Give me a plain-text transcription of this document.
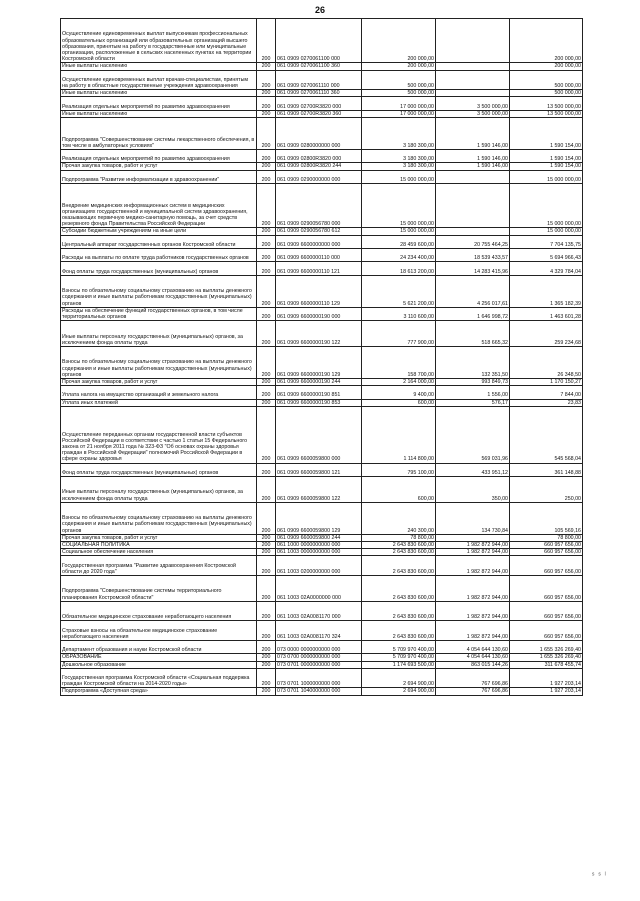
26
Осуществление единовременных выплат выпускникам профессиональных образовательных организаций или образовательных организаций высшего образования, принятым на работу в государственные или муниципальные организации, расположенные в сельских населенных пунктах на территории Костромской области	200	061 0909 0270061100 000	200 000,00		200 000,00
Иные выплаты населению	200	061 0909 0270061100 360	200 000,00		200 000,00
Осуществление единовременных выплат врачам-специалистам, принятым на работу в областные государственные учреждения здравоохранения	200	061 0909 0270061110 000	500 000,00		500 000,00
Иные выплаты населению	200	061 0909 0270061110 360	500 000,00		500 000,00
Реализация отдельных мероприятий по развитию здравоохранения	200	061 0909 02700R3820 000	17 000 000,00	3 500 000,00	13 500 000,00
Иные выплаты населению	200	061 0909 02700R3820 360	17 000 000,00	3 500 000,00	13 500 000,00
Подпрограмма "Совершенствование системы лекарственного обеспечения, в том числе в амбулаторных условиях"	200	061 0909 0280000000 000	3 180 300,00	1 590 146,00	1 590 154,00
Реализация отдельных мероприятий по развитию здравоохранения	200	061 0909 02800R3820 000	3 180 300,00	1 590 146,00	1 590 154,00
Прочая закупка товаров, работ и услуг	200	061 0909 02800R3820 244	3 180 300,00	1 590 146,00	1 590 154,00
Подпрограмма "Развитие информатизации в здравоохранении"	200	061 0909 0290000000 000	15 000 000,00		15 000 000,00
Внедрение медицинских информационных систем в медицинских организациях государственной и муниципальной систем здравоохранения, оказывающих первичную медико-санитарную помощь, за счет средств резервного фонда Правительства Российской Федерации	200	061 0909 0290056780 000	15 000 000,00		15 000 000,00
Субсидии бюджетным учреждениям на иные цели	200	061 0909 0290056780 612	15 000 000,00		15 000 000,00
Центральный аппарат государственных органов Костромской области	200	061 0909 6600000000 000	28 459 600,00	20 755 464,25	7 704 135,75
Расходы на выплаты по оплате труда работников государственных органов	200	061 0909 6600000110 000	24 234 400,00	18 539 433,57	5 694 966,43
Фонд оплаты труда государственных (муниципальных) органов	200	061 0909 6600000110 121	18 613 200,00	14 283 415,96	4 329 784,04
Взносы по обязательному социальному страхованию на выплаты денежного содержания и иные выплаты работникам государственных (муниципальных) органов	200	061 0909 6600000110 129	5 621 200,00	4 256 017,61	1 365 182,39
Расходы на обеспечение функций государственных органов, в том числе территориальных органов	200	061 0909 6600000190 000	3 110 600,00	1 646 998,72	1 463 601,28
Иные выплаты персоналу государственных (муниципальных) органов, за исключением фонда оплаты труда	200	061 0909 6600000190 122	777 900,00	518 665,32	259 234,68
Взносы по обязательному социальному страхованию на выплаты денежного содержания и иные выплаты работникам государственных (муниципальных) органов	200	061 0909 6600000190 129	158 700,00	132 351,50	26 348,50
Прочая закупка товаров, работ и услуг	200	061 0909 6600000190 244	2 164 000,00	993 849,73	1 170 150,27
Уплата налога на имущество организаций и земельного налога	200	061 0909 6600000190 851	9 400,00	1 556,00	7 844,00
Уплата иных платежей	200	061 0909 6600000190 853	600,00	576,17	23,83
Осуществление переданных органам государственной власти субъектов Российской Федерации в соответствии с частью 1 статьи 15 Федерального закона от 21 ноября 2011 года № 323-ФЗ "Об основах охраны здоровья граждан в Российской Федерации" полномочий Российской Федерации в сфере охраны здоровья	200	061 0909 6600059800 000	1 114 800,00	569 031,96	545 568,04
Фонд оплаты труда государственных (муниципальных) органов	200	061 0909 6600059800 121	795 100,00	433 951,12	361 148,88
Иные выплаты персоналу государственных (муниципальных) органов, за исключением фонда оплаты труда	200	061 0909 6600059800 122	600,00	350,00	250,00
Взносы по обязательному социальному страхованию на выплаты денежного содержания и иные выплаты работникам государственных (муниципальных) органов	200	061 0909 6600059800 129	240 300,00	134 730,84	105 569,16
Прочая закупка товаров, работ и услуг	200	061 0909 6600059800 244	78 800,00		78 800,00
СОЦИАЛЬНАЯ ПОЛИТИКА	200	061 1000 0000000000 000	2 643 830 600,00	1 982 872 944,00	660 957 656,00
Социальное обеспечение населения	200	061 1003 0000000000 000	2 643 830 600,00	1 982 872 944,00	660 957 656,00
Государственная программа "Развитие здравоохранения Костромской области до 2020 года"	200	061 1003 0200000000 000	2 643 830 600,00	1 982 872 944,00	660 957 656,00
Подпрограмма "Совершенствование системы территориального планирования Костромской области"	200	061 1003 02A0000000 000	2 643 830 600,00	1 982 872 944,00	660 957 656,00
Обязательное медицинское страхование неработающего населения	200	061 1003 02A0081170 000	2 643 830 600,00	1 982 872 944,00	660 957 656,00
Страховые взносы на обязательное медицинское страхование неработающего населения	200	061 1003 02A0081170 324	2 643 830 600,00	1 982 872 944,00	660 957 656,00
Департамент образования и науки Костромской области	200	073 0000 0000000000 000	5 709 970 400,00	4 054 644 130,60	1 655 326 269,40
ОБРАЗОВАНИЕ	200	073 0700 0000000000 000	5 709 970 400,00	4 054 644 130,60	1 655 326 269,40
Дошкольное образование	200	073 0701 0000000000 000	1 174 693 500,00	863 015 144,26	311 678 455,74
Государственная программа Костромской области «Социальная поддержка граждан Костромской области на 2014-2020 годы»	200	073 0701 1000000000 000	2 694 900,00	767 696,86	1 927 203,14
Подпрограмма «Доступная среда»	200	073 0701 1040000000 000	2 694 900,00	767 696,86	1 927 203,14
ˢ ˢ ˡ
